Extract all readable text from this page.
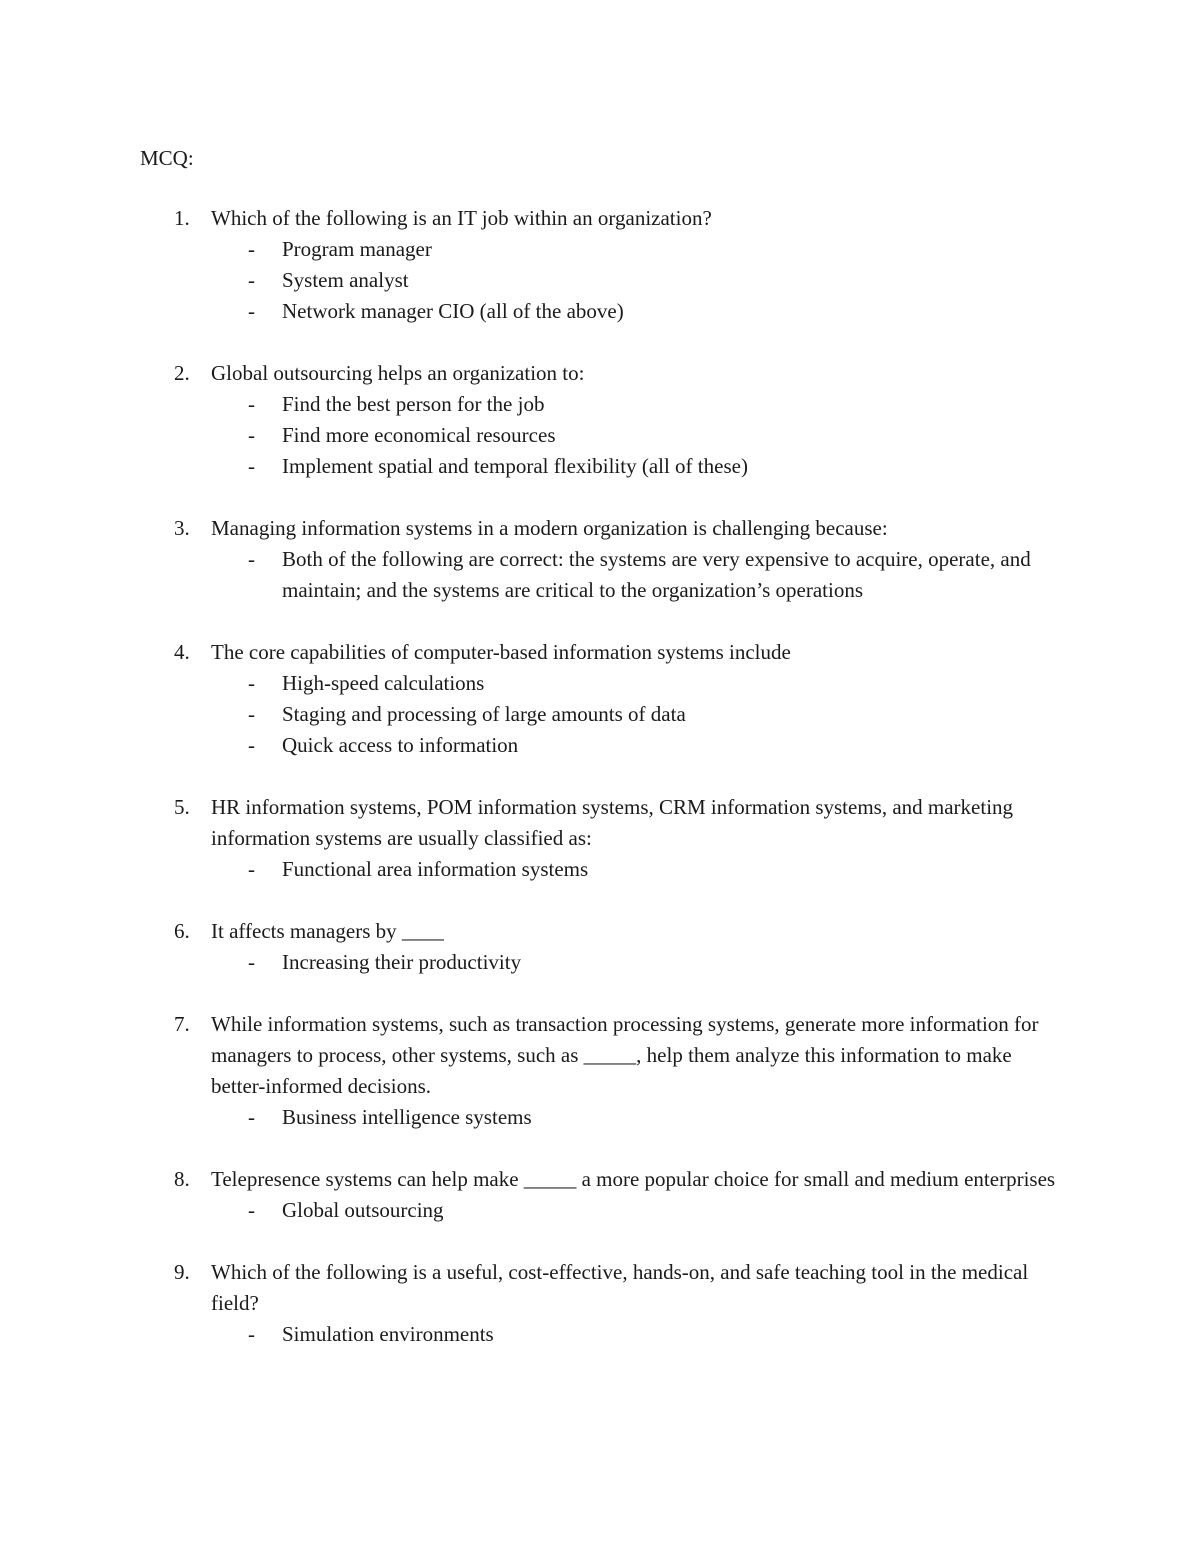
MCQ:

1. Which of the following is an IT job within an organization?
- Program manager
- System analyst
- Network manager CIO (all of the above)
2. Global outsourcing helps an organization to:
- Find the best person for the job
- Find more economical resources
- Implement spatial and temporal flexibility (all of these)
3. Managing information systems in a modern organization is challenging because:
- Both of the following are correct: the systems are very expensive to acquire, operate, and maintain; and the systems are critical to the organization’s operations
4. The core capabilities of computer-based information systems include
- High-speed calculations
- Staging and processing of large amounts of data
- Quick access to information
5. HR information systems, POM information systems, CRM information systems, and marketing information systems are usually classified as:
- Functional area information systems
6. It affects managers by ____
- Increasing their productivity
7. While information systems, such as transaction processing systems, generate more information for managers to process, other systems, such as _____, help them analyze this information to make better-informed decisions.
- Business intelligence systems
8. Telepresence systems can help make _____ a more popular choice for small and medium enterprises
- Global outsourcing
9. Which of the following is a useful, cost-effective, hands-on, and safe teaching tool in the medical field?
- Simulation environments
